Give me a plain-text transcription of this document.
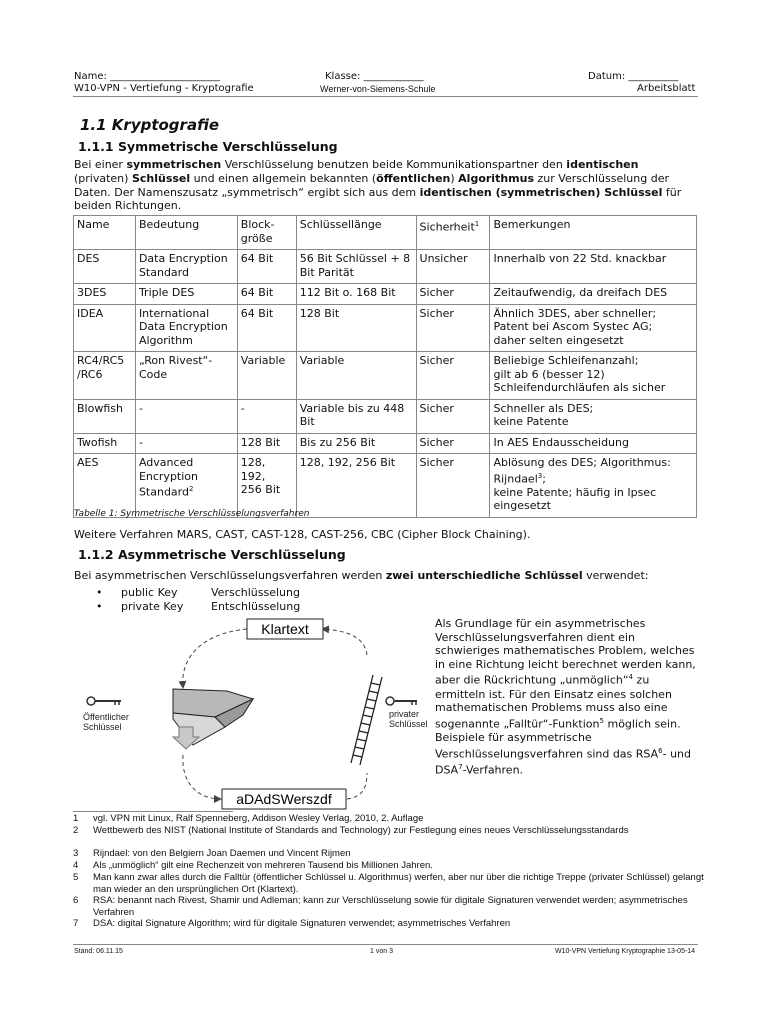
Name: ______________________	Klasse: ____________	Datum: __________
W10-VPN - Vertiefung - Kryptografie	Werner-von-Siemens-Schule	Arbeitsblatt
1.1 Kryptografie
1.1.1 Symmetrische Verschlüsselung

Bei einer symmetrischen Verschlüsselung benutzen beide Kommunikationspartner den identischen (privaten) Schlüssel und einen allgemein bekannten (öffentlichen) Algorithmus zur Verschlüsselung der Daten. Der Namenszusatz „symmetrisch“ ergibt sich aus dem identischen (symmetrischen) Schlüssel für beiden Richtungen.

Name	Bedeutung	Block-größe	Schlüssellänge	Sicherheit$^1$	Bemerkungen
DES	Data Encryption Standard	64 Bit	56 Bit Schlüssel + 8 Bit Parität	Unsicher	Innerhalb von 22 Std. knackbar
3DES	Triple DES	64 Bit	112 Bit o. 168 Bit	Sicher	Zeitaufwendig, da dreifach DES
IDEA	International Data Encryption Algorithm	64 Bit	128 Bit	Sicher	Ähnlich 3DES, aber schneller;
Patent bei Ascom Systec AG;
daher selten eingesetzt
RC4/RC5
/RC6	„Ron Rivest“-Code	Variable	Variable	Sicher	Beliebige Schleifenanzahl;
gilt ab 6 (besser 12)
Schleifendurchläufen als sicher
Blowfish	-	-	Variable bis zu 448 Bit	Sicher	Schneller als DES;
keine Patente
Twofish	-	128 Bit	Bis zu 256 Bit	Sicher	In AES Endausscheidung
AES	Advanced Encryption Standard$^2$	128,
192,
256 Bit	128, 192, 256 Bit	Sicher	Ablösung des DES; Algorithmus: Rijndael$^3$;
keine Patente; häufig in Ipsec eingesetzt
Tabelle 1: Symmetrische Verschlüsselungsverfahren
Weitere Verfahren MARS, CAST, CAST-128, CAST-256, CBC (Cipher Block Chaining).
1.1.2 Asymmetrische Verschlüsselung

Bei asymmetrischen Verschlüsselungsverfahren werden zwei unterschiedliche Schlüssel verwendet:

• public Key	Verschlüsselung
• private Key	Entschlüsselung
Klartext
aDAdSWerszdf
Öffentlicher Schlüssel
privater Schlüssel

Als Grundlage für ein asymmetrisches Verschlüsselungsverfahren dient ein schwieriges mathematisches Problem, welches in eine Richtung leicht berechnet werden kann, aber die Rückrichtung „unmöglich“$^4$ zu ermitteln ist. Für den Einsatz eines solchen mathematischen Problems muss also eine sogenannte „Falltür“-Funktion$^5$ möglich sein. Beispiele für asymmetrische Verschlüsselungsverfahren sind das RSA$^6$- und DSA$^7$-Verfahren.

1 vgl. VPN mit Linux, Ralf Spenneberg, Addison Wesley Verlag, 2010, 2. Auflage
2 Wettbewerb des NIST (National Institute of Standards and Technology) zur Festlegung eines neues Verschlüsselungsstandards
3 Rijndael: von den Belgiern Joan Daemen und Vincent Rijmen
4 Als „unmöglich“ gilt eine Rechenzeit von mehreren Tausend bis Millionen Jahren.
5 Man kann zwar alles durch die Falltür (öffentlicher Schlüssel u. Algorithmus) werfen, aber nur über die richtige Treppe (privater Schlüssel) gelangt man wieder an den ursprünglichen Ort (Klartext).
6 RSA: benannt nach Rivest, Shamir und Adleman; kann zur Verschlüsselung sowie für digitale Signaturen verwendet werden; asymmetrisches Verfahren
7 DSA: digital Signature Algorithm; wird für digitale Signaturen verwendet; asymmetrisches Verfahren
Stand: 06.11.15	1 von 3	W10-VPN Vertiefung Kryptographie 13-05-14
